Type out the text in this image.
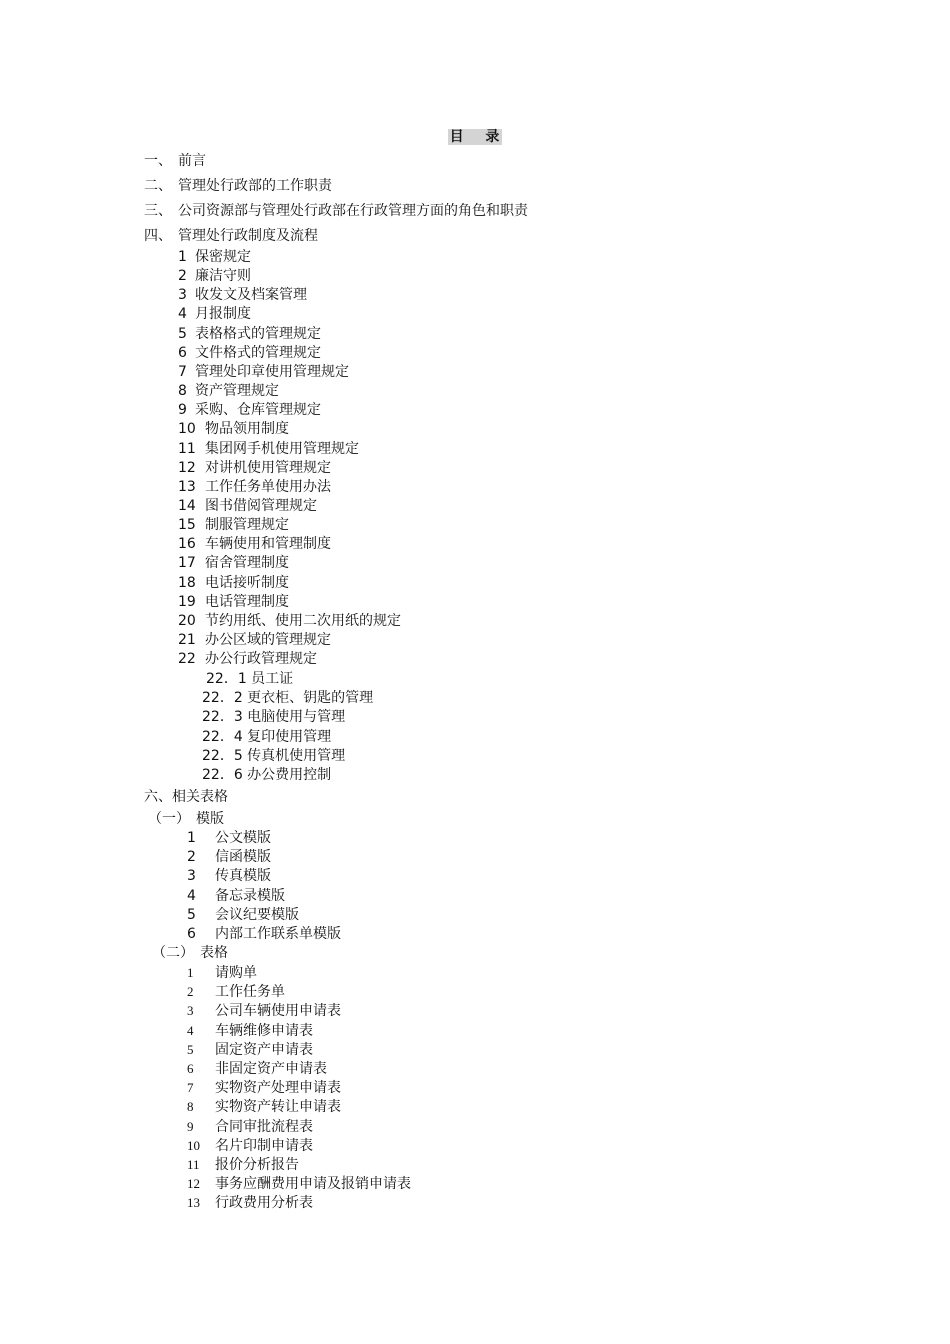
目　 录
一、 前言
二、 管理处行政部的工作职责
三、 公司资源部与管理处行政部在行政管理方面的角色和职责
四、 管理处行政制度及流程
1 保密规定
2 廉洁守则
3 收发文及档案管理
4 月报制度
5 表格格式的管理规定
6 文件格式的管理规定
7 管理处印章使用管理规定
8 资产管理规定
9 采购、仓库管理规定
10 物品领用制度
11 集团网手机使用管理规定
12 对讲机使用管理规定
13 工作任务单使用办法
14 图书借阅管理规定
15 制服管理规定
16 车辆使用和管理制度
17 宿舍管理制度
18 电话接听制度
19 电话管理制度
20 节约用纸、使用二次用纸的规定
21 办公区域的管理规定
22 办公行政管理规定
22．1 员工证
22．2 更衣柜、钥匙的管理
22．3 电脑使用与管理
22．4 复印使用管理
22．5 传真机使用管理
22．6 办公费用控制
六、相关表格
（一） 模版
1 公文模版
2 信函模版
3 传真模版
4 备忘录模版
5 会议纪要模版
6 内部工作联系单模版
（二） 表格
1 请购单
2 工作任务单
3 公司车辆使用申请表
4 车辆维修申请表
5 固定资产申请表
6 非固定资产申请表
7 实物资产处理申请表
8 实物资产转让申请表
9 合同审批流程表
10 名片印制申请表
11 报价分析报告
12 事务应酬费用申请及报销申请表
13 行政费用分析表
